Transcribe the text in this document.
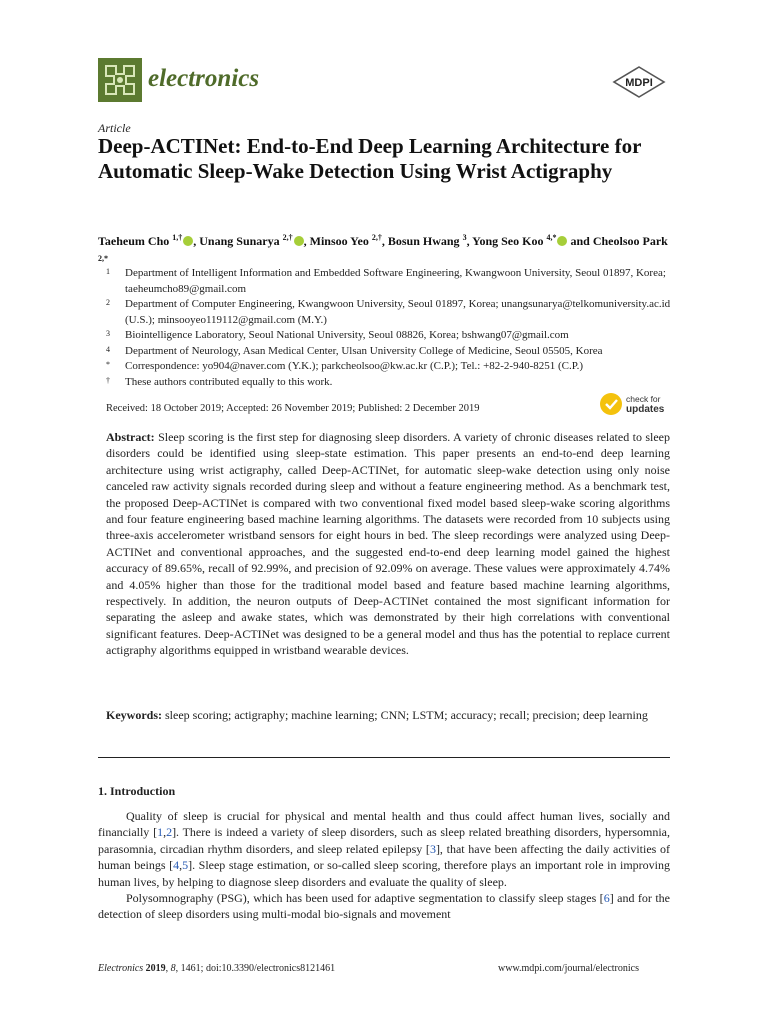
electronics	MDPI
Article
Deep-ACTINet: End-to-End Deep Learning Architecture for Automatic Sleep-Wake Detection Using Wrist Actigraphy
Taeheum Cho $^{1,\dagger}$ , Unang Sunarya $^{2,\dagger}$ , Minsoo Yeo $^{2,\dagger}$, Bosun Hwang $^3$, Yong Seo Koo $^{4,*}$ and Cheolsoo Park $^{2,*}$
1 Department of Intelligent Information and Embedded Software Engineering, Kwangwoon University, Seoul 01897, Korea; taeheumcho89@gmail.com
2 Department of Computer Engineering, Kwangwoon University, Seoul 01897, Korea; unangsunarya@telkomuniversity.ac.id (U.S.); minsooyeo119112@gmail.com (M.Y.)
3 Biointelligence Laboratory, Seoul National University, Seoul 08826, Korea; bshwang07@gmail.com
4 Department of Neurology, Asan Medical Center, Ulsan University College of Medicine, Seoul 05505, Korea
* Correspondence: yo904@naver.com (Y.K.); parkcheolsoo@kw.ac.kr (C.P.); Tel.: +82-2-940-8251 (C.P.)
† These authors contributed equally to this work.
Received: 18 October 2019; Accepted: 26 November 2019; Published: 2 December 2019
check for
updates
Abstract: Sleep scoring is the first step for diagnosing sleep disorders. A variety of chronic diseases related to sleep disorders could be identified using sleep-state estimation. This paper presents an end-to-end deep learning architecture using wrist actigraphy, called Deep-ACTINet, for automatic sleep-wake detection using only noise canceled raw activity signals recorded during sleep and without a feature engineering method. As a benchmark test, the proposed Deep-ACTINet is compared with two conventional fixed model based sleep-wake scoring algorithms and four feature engineering based machine learning algorithms. The datasets were recorded from 10 subjects using three-axis accelerometer wristband sensors for eight hours in bed. The sleep recordings were analyzed using Deep-ACTINet and conventional approaches, and the suggested end-to-end deep learning model gained the highest accuracy of 89.65%, recall of 92.99%, and precision of 92.09% on average. These values were approximately 4.74% and 4.05% higher than those for the traditional model based and feature based machine learning algorithms, respectively. In addition, the neuron outputs of Deep-ACTINet contained the most significant information for separating the asleep and awake states, which was demonstrated by their high correlations with conventional significant features. Deep-ACTINet was designed to be a general model and thus has the potential to replace current actigraphy algorithms equipped in wristband wearable devices.
Keywords: sleep scoring; actigraphy; machine learning; CNN; LSTM; accuracy; recall; precision; deep learning
1. Introduction

Quality of sleep is crucial for physical and mental health and thus could affect human lives, socially and financially [1,2]. There is indeed a variety of sleep disorders, such as sleep related breathing disorders, hypersomnia, parasomnia, circadian rhythm disorders, and sleep related epilepsy [3], that have been affecting the daily activities of human beings [4,5]. Sleep stage estimation, or so-called sleep scoring, therefore plays an important role in improving human lives, by helping to diagnose sleep disorders and evaluate the quality of sleep.

Polysomnography (PSG), which has been used for adaptive segmentation to classify sleep stages [6] and for the detection of sleep disorders using multi-modal bio-signals and movement

Electronics 2019, 8, 1461; doi:10.3390/electronics8121461	www.mdpi.com/journal/electronics
